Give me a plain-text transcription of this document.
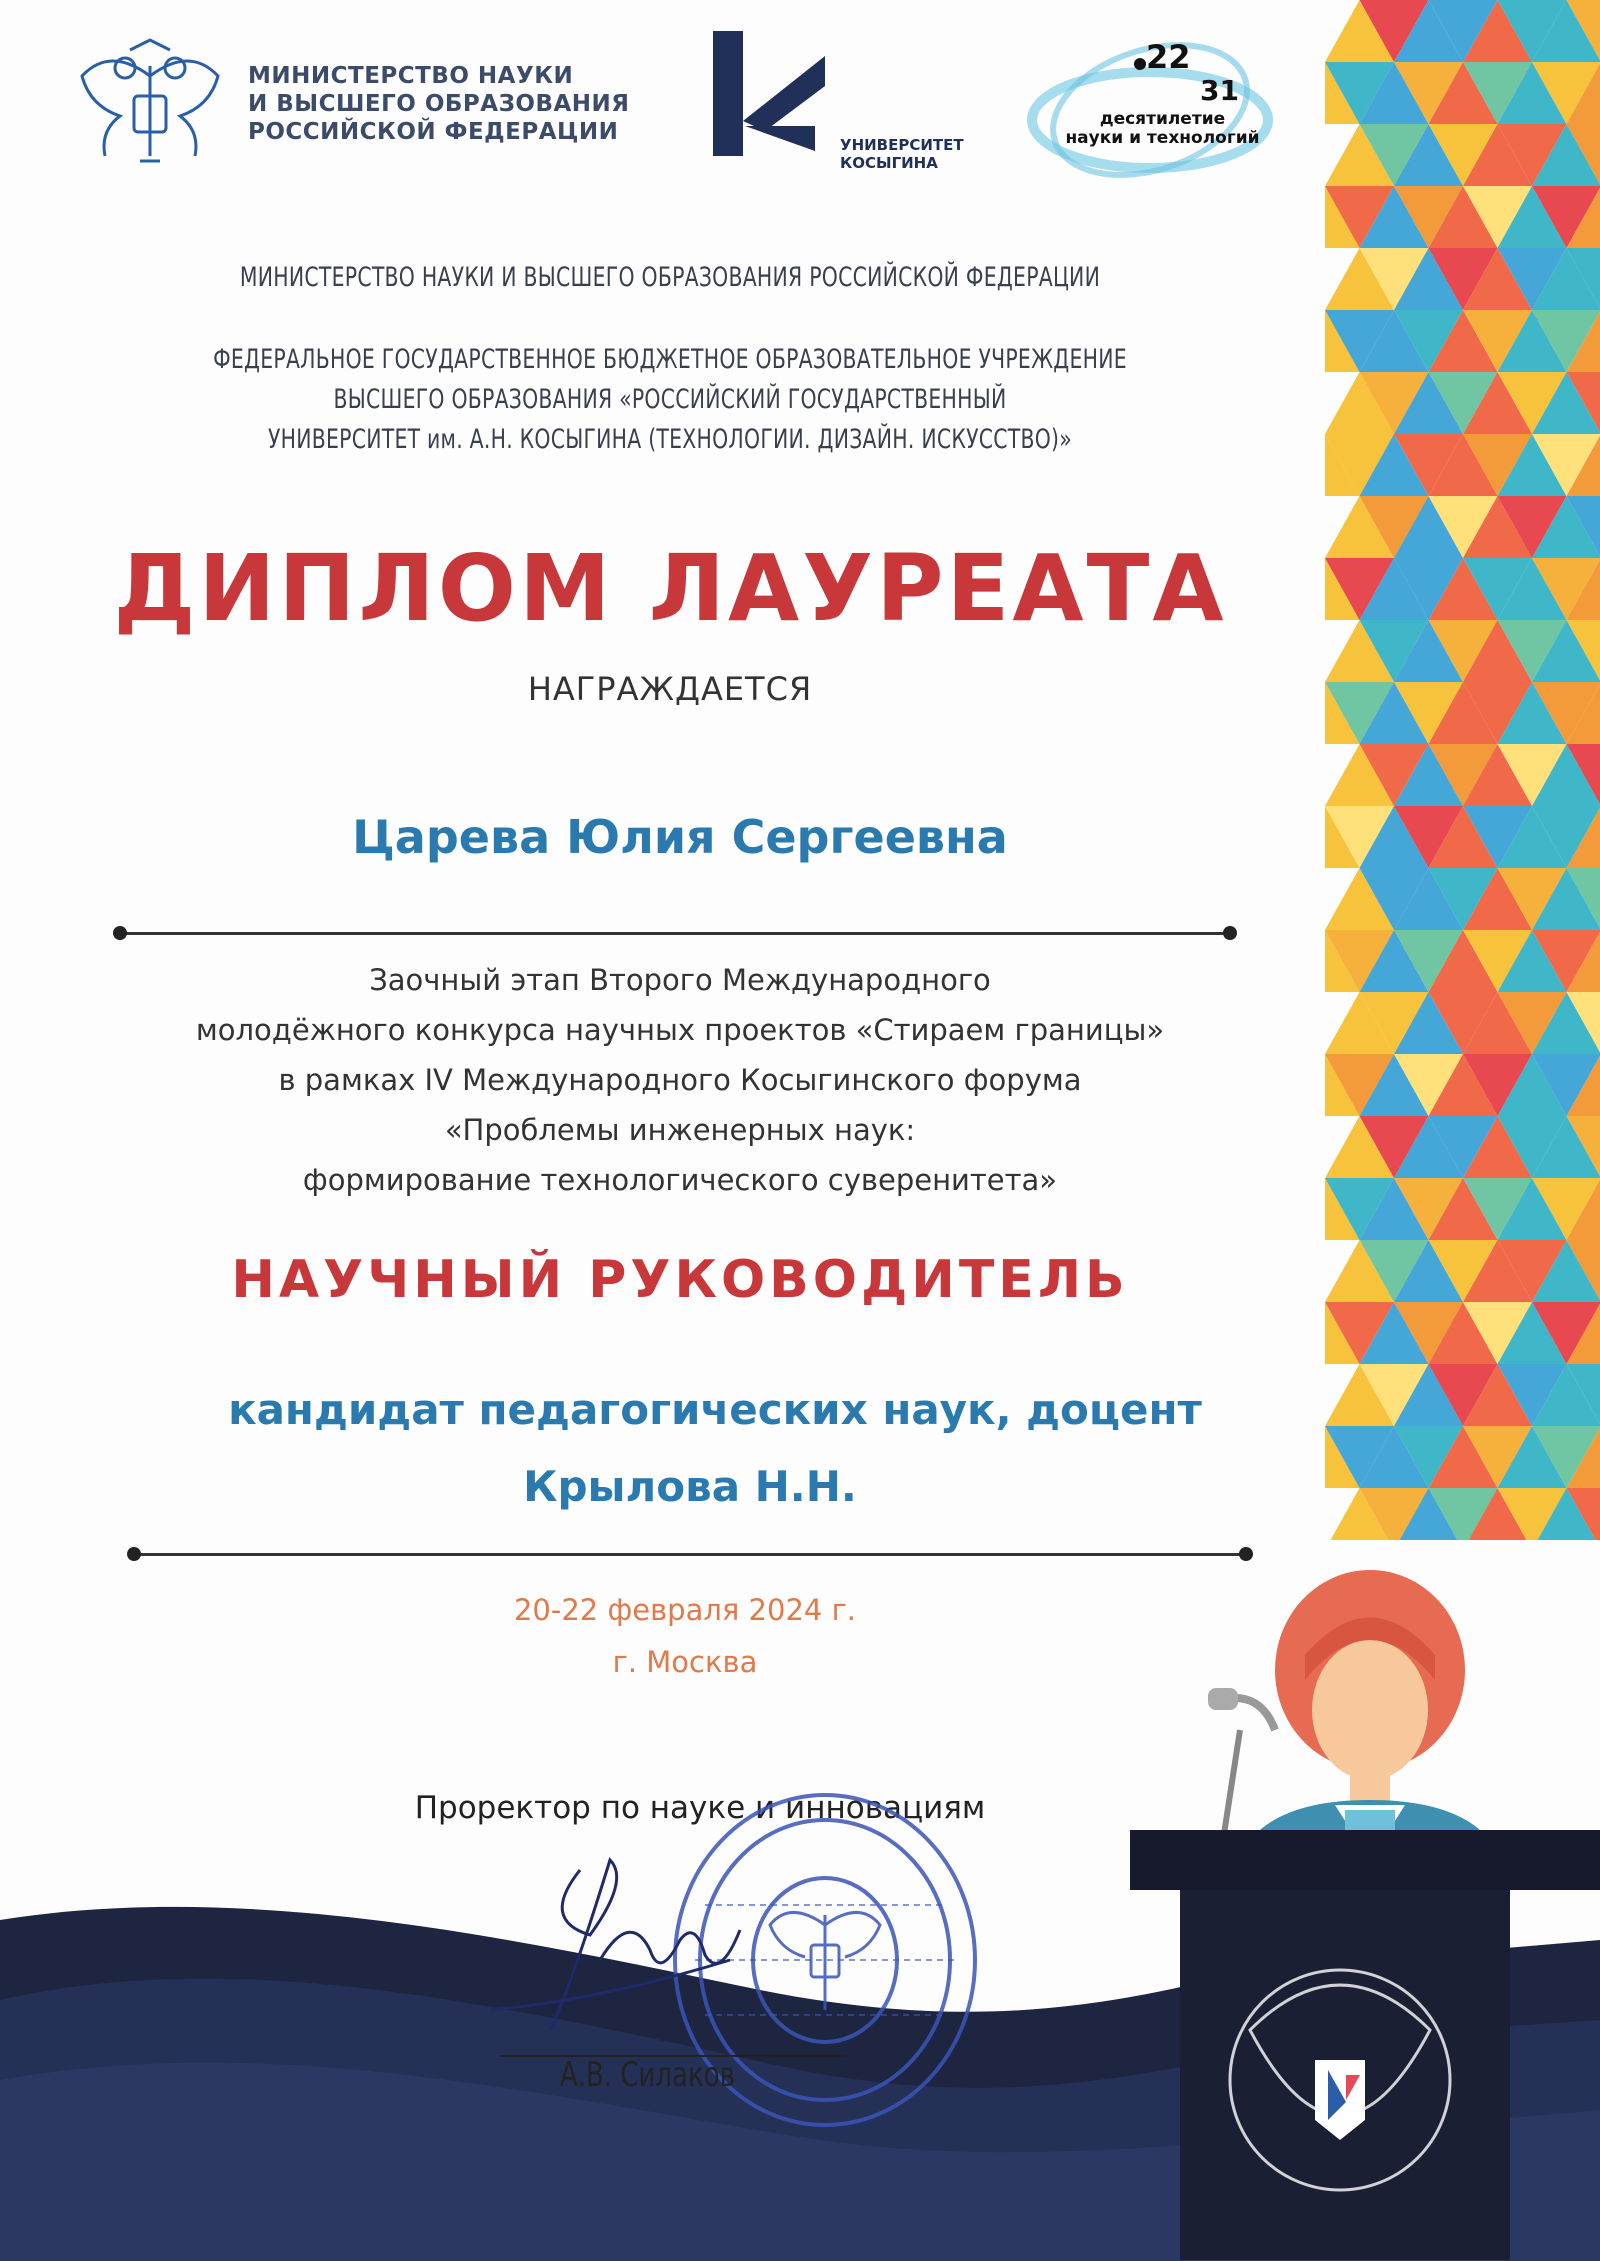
МИНИСТЕРСТВО НАУКИ
И ВЫСШЕГО ОБРАЗОВАНИЯ
РОССИЙСКОЙ ФЕДЕРАЦИИ	УНИВЕРСИТЕТ
КОСЫГИНА
22
31
десятилетие
науки и технологий
МИНИСТЕРСТВО НАУКИ И ВЫСШЕГО ОБРАЗОВАНИЯ РОССИЙСКОЙ ФЕДЕРАЦИИ
ФЕДЕРАЛЬНОЕ ГОСУДАРСТВЕННОЕ БЮДЖЕТНОЕ ОБРАЗОВАТЕЛЬНОЕ УЧРЕЖДЕНИЕ
ВЫСШЕГО ОБРАЗОВАНИЯ «РОССИЙСКИЙ ГОСУДАРСТВЕННЫЙ
УНИВЕРСИТЕТ им. А.Н. КОСЫГИНА (ТЕХНОЛОГИИ. ДИЗАЙН. ИСКУССТВО)»
ДИПЛОМ ЛАУРЕАТА
НАГРАЖДАЕТСЯ
Царева Юлия Сергеевна
Заочный этап Второго Международного
молодёжного конкурса научных проектов «Стираем границы»
в рамках IV Международного Косыгинского форума
«Проблемы инженерных наук:
формирование технологического суверенитета»
НАУЧНЫЙ РУКОВОДИТЕЛЬ
кандидат педагогических наук, доцент
Крылова Н.Н.
20-22 февраля 2024 г.
г. Москва
Проректор по науке и инновациям
А.В. Силаков
